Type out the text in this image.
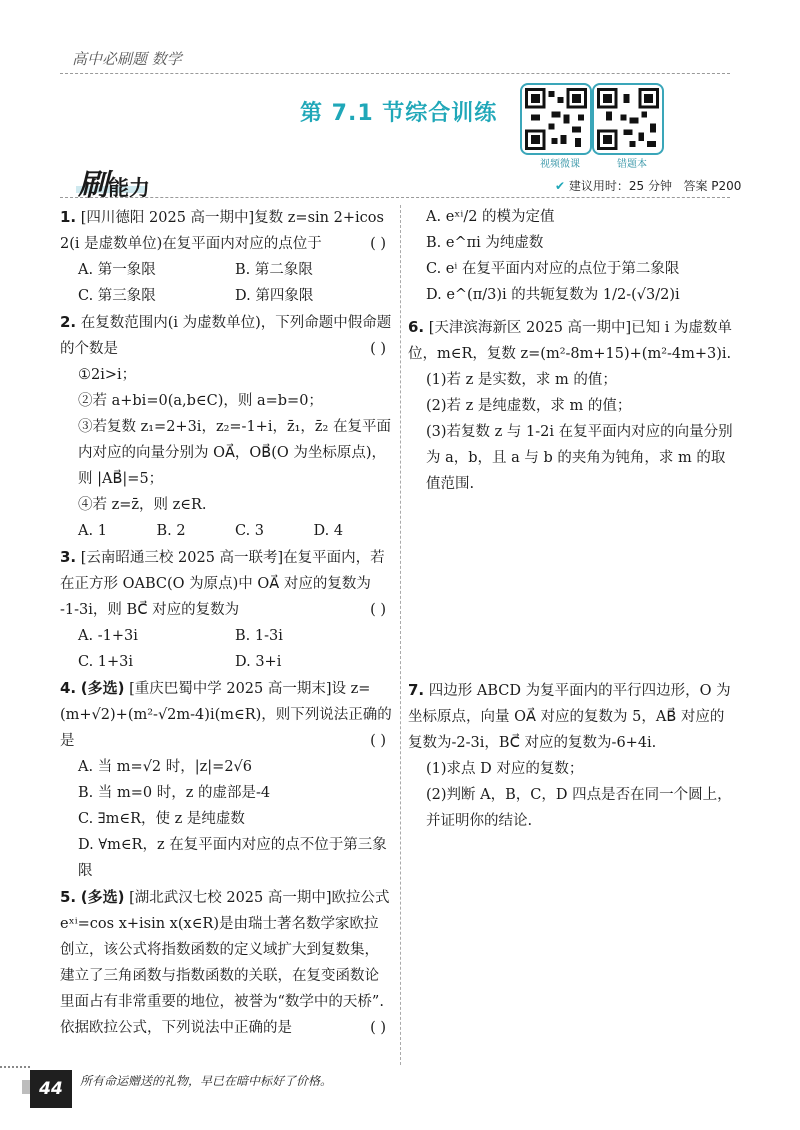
高中必刷题 数学
第 7.1 节综合训练
视频微课	错题本
刷能力	✔ 建议用时：25 分钟 答案 P200
1. [四川德阳 2025 高一期中]复数 z=sin 2+icos 2(i 是虚数单位)在复平面内对应的点位于	( )
A. 第一象限	B. 第二象限
C. 第三象限	D. 第四象限
2. 在复数范围内(i 为虚数单位)，下列命题中假命题的个数是	( )
①2i>i；
②若 a+bi=0(a,b∈C)，则 a=b=0；
③若复数 z₁=2+3i，z₂=-1+i，z̄₁，z̄₂ 在复平面内对应的向量分别为 OA⃗，OB⃗(O 为坐标原点)，则 |AB⃗|=5；
④若 z=z̄，则 z∈R.
A. 1	B. 2	C. 3	D. 4
3. [云南昭通三校 2025 高一联考]在复平面内，若在正方形 OABC(O 为原点)中 OA⃗ 对应的复数为 -1-3i，则 BC⃗ 对应的复数为	( )
A. -1+3i	B. 1-3i
C. 1+3i	D. 3+i
4. (多选) [重庆巴蜀中学 2025 高一期末]设 z=(m+√2)+(m²-√2m-4)i(m∈R)，则下列说法正确的是	( )
A. 当 m=√2 时，|z|=2√6
B. 当 m=0 时，z 的虚部是-4
C. ∃m∈R，使 z 是纯虚数
D. ∀m∈R，z 在复平面内对应的点不位于第三象限
5. (多选) [湖北武汉七校 2025 高一期中]欧拉公式 eˣⁱ=cos x+isin x(x∈R)是由瑞士著名数学家欧拉创立，该公式将指数函数的定义域扩大到复数集，建立了三角函数与指数函数的关联，在复变函数论里面占有非常重要的地位，被誉为“数学中的天桥”. 依据欧拉公式，下列说法中正确的是	( )
A. eˣⁱ/2 的模为定值
B. e^πi 为纯虚数
C. eⁱ 在复平面内对应的点位于第二象限
D. e^(π/3)i 的共轭复数为 1/2-(√3/2)i
6. [天津滨海新区 2025 高一期中]已知 i 为虚数单位，m∈R，复数 z=(m²-8m+15)+(m²-4m+3)i.
(1)若 z 是实数，求 m 的值；
(2)若 z 是纯虚数，求 m 的值；
(3)若复数 z 与 1-2i 在复平面内对应的向量分别为 a，b，且 a 与 b 的夹角为钝角，求 m 的取值范围.
7. 四边形 ABCD 为复平面内的平行四边形，O 为坐标原点，向量 OA⃗ 对应的复数为 5，AB⃗ 对应的复数为-2-3i，BC⃗ 对应的复数为-6+4i.
(1)求点 D 对应的复数；
(2)判断 A，B，C，D 四点是否在同一个圆上，并证明你的结论.
44	所有命运赠送的礼物，早已在暗中标好了价格。
